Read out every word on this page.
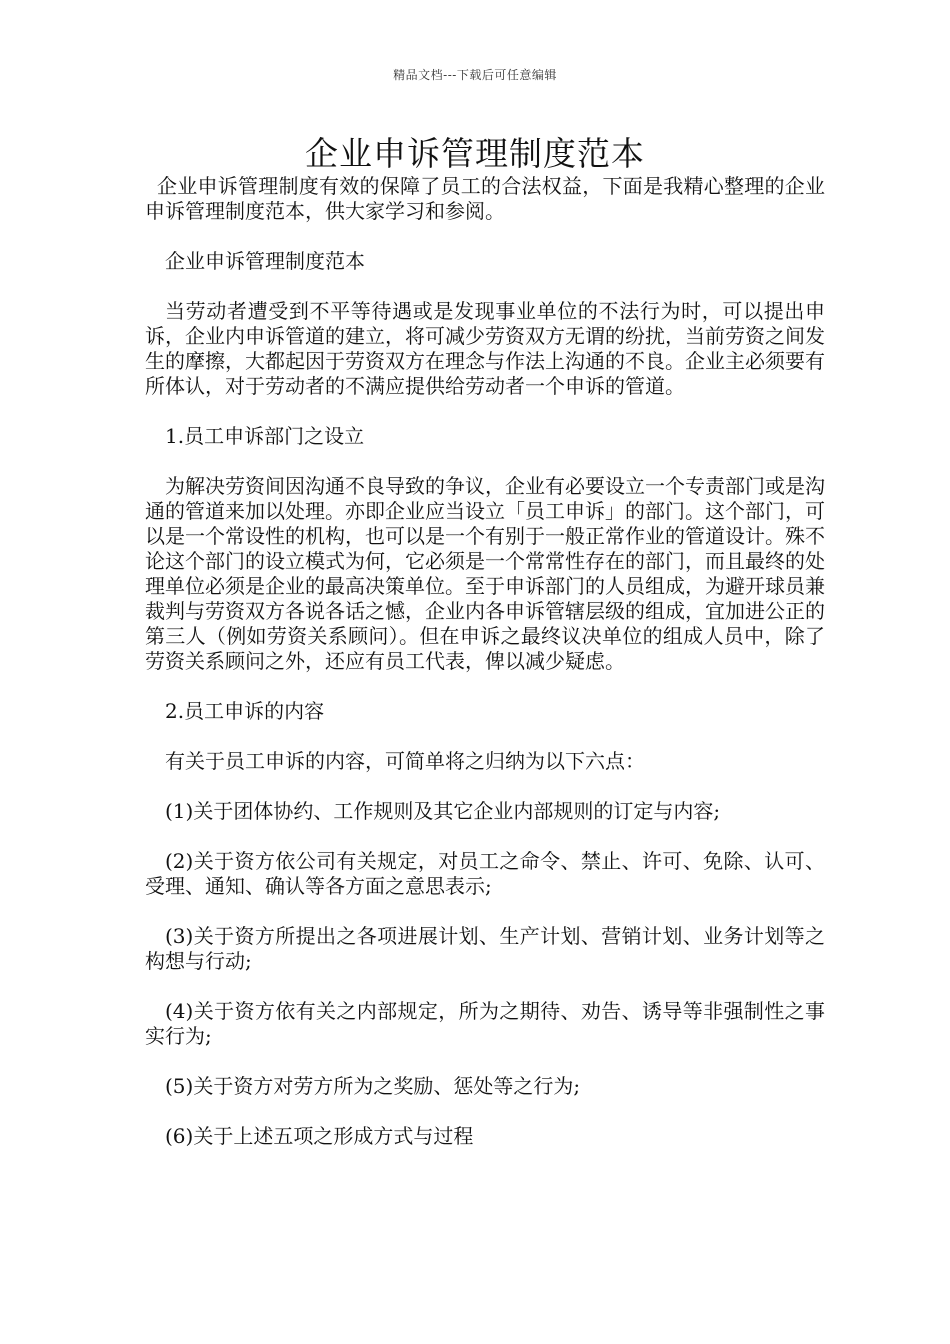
精品文档---下载后可任意编辑
企业申诉管理制度范本

企业申诉管理制度有效的保障了员工的合法权益，下面是我精心整理的企业申诉管理制度范本，供大家学习和参阅。

企业申诉管理制度范本

当劳动者遭受到不平等待遇或是发现事业单位的不法行为时，可以提出申诉，企业内申诉管道的建立，将可减少劳资双方无谓的纷扰，当前劳资之间发生的摩擦，大都起因于劳资双方在理念与作法上沟通的不良。企业主必须要有所体认，对于劳动者的不满应提供给劳动者一个申诉的管道。

1.员工申诉部门之设立

为解决劳资间因沟通不良导致的争议，企业有必要设立一个专责部门或是沟通的管道来加以处理。亦即企业应当设立「员工申诉」的部门。这个部门，可以是一个常设性的机构，也可以是一个有别于一般正常作业的管道设计。殊不论这个部门的设立模式为何，它必须是一个常常性存在的部门，而且最终的处理单位必须是企业的最高决策单位。至于申诉部门的人员组成，为避开球员兼裁判与劳资双方各说各话之憾，企业内各申诉管辖层级的组成，宜加进公正的第三人（例如劳资关系顾问）。但在申诉之最终议决单位的组成人员中，除了劳资关系顾问之外，还应有员工代表，俾以减少疑虑。

2.员工申诉的内容

有关于员工申诉的内容，可简单将之归纳为以下六点：

(1)关于团体协约、工作规则及其它企业内部规则的订定与内容;

(2)关于资方依公司有关规定，对员工之命令、禁止、许可、免除、认可、受理、通知、确认等各方面之意思表示;

(3)关于资方所提出之各项进展计划、生产计划、营销计划、业务计划等之构想与行动;

(4)关于资方依有关之内部规定，所为之期待、劝告、诱导等非强制性之事实行为;

(5)关于资方对劳方所为之奖励、惩处等之行为;

(6)关于上述五项之形成方式与过程
